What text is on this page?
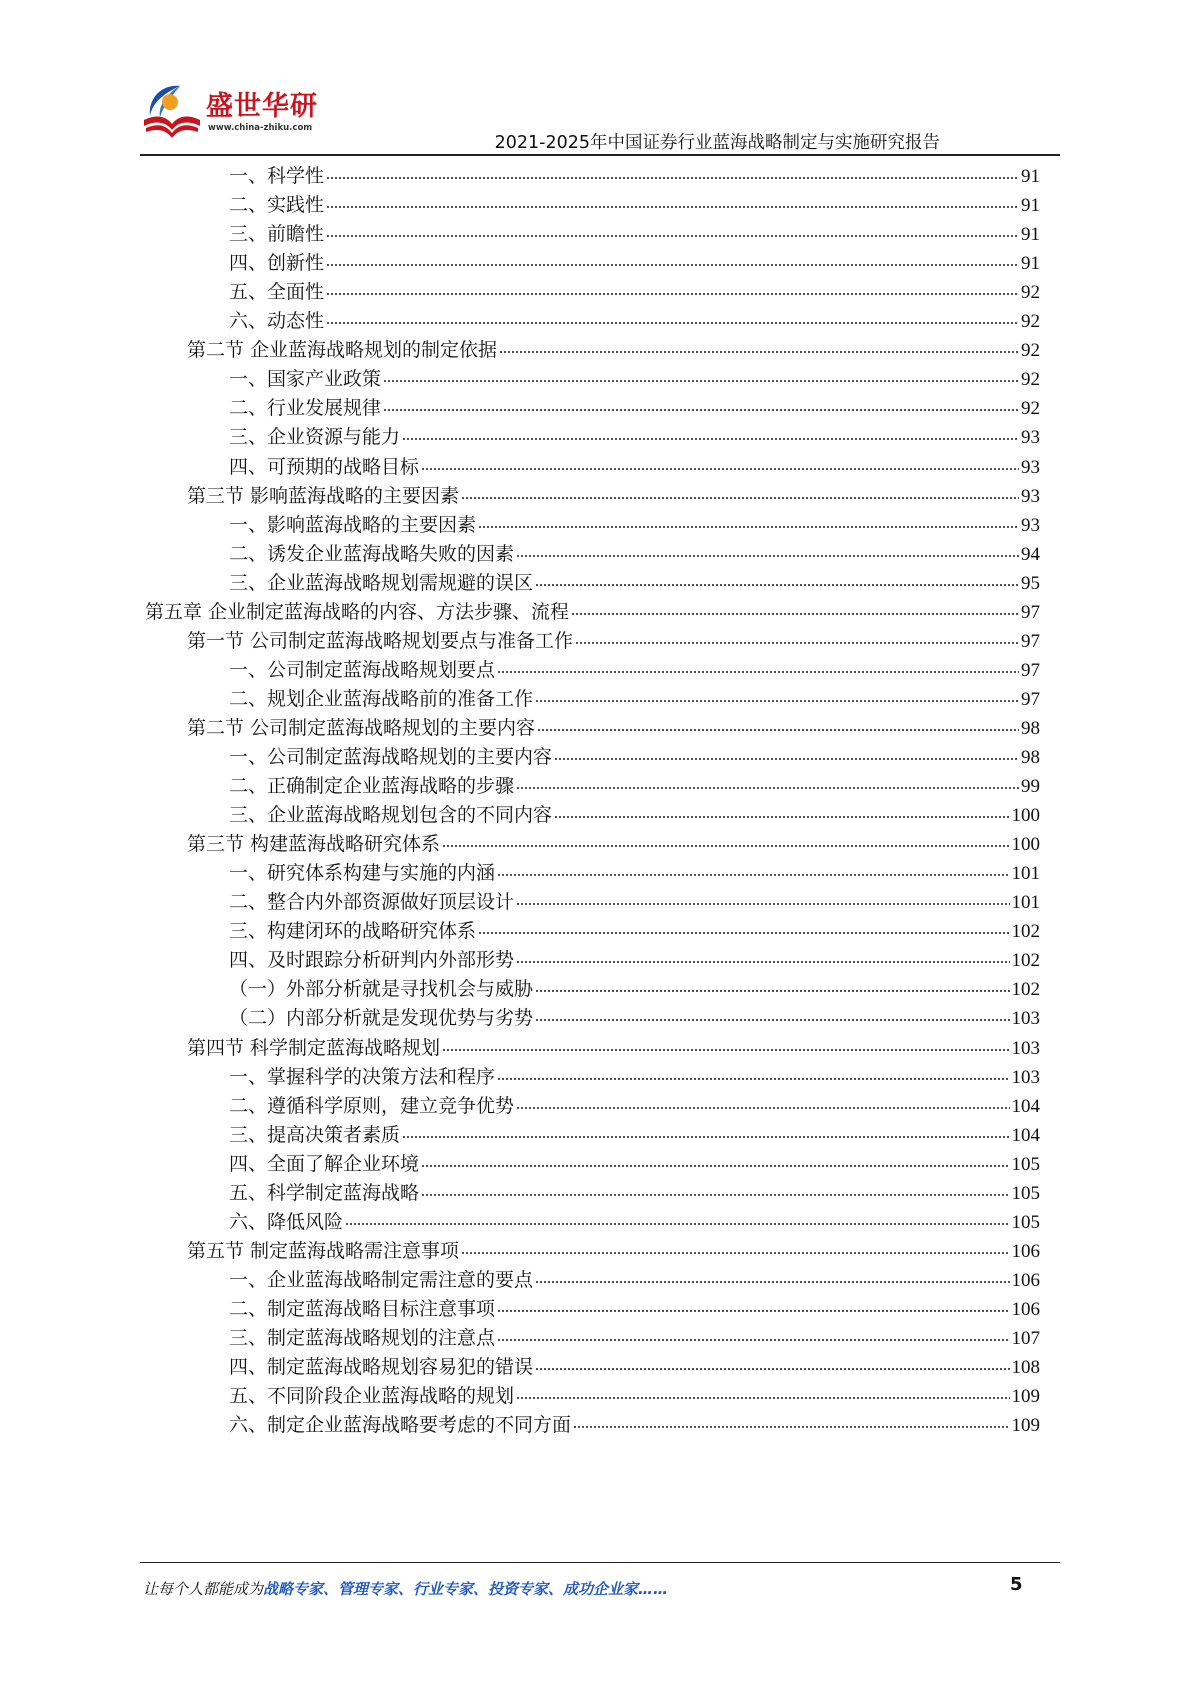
盛世华研
www.china-zhiku.com
2021-2025年中国证券行业蓝海战略制定与实施研究报告
一、科学性	91
二、实践性	91
三、前瞻性	91
四、创新性	91
五、全面性	92
六、动态性	92
第二节 企业蓝海战略规划的制定依据	92
一、国家产业政策	92
二、行业发展规律	92
三、企业资源与能力	93
四、可预期的战略目标	93
第三节 影响蓝海战略的主要因素	93
一、影响蓝海战略的主要因素	93
二、诱发企业蓝海战略失败的因素	94
三、企业蓝海战略规划需规避的误区	95
第五章 企业制定蓝海战略的内容、方法步骤、流程	97
第一节 公司制定蓝海战略规划要点与准备工作	97
一、公司制定蓝海战略规划要点	97
二、规划企业蓝海战略前的准备工作	97
第二节 公司制定蓝海战略规划的主要内容	98
一、公司制定蓝海战略规划的主要内容	98
二、正确制定企业蓝海战略的步骤	99
三、企业蓝海战略规划包含的不同内容	100
第三节 构建蓝海战略研究体系	100
一、研究体系构建与实施的内涵	101
二、整合内外部资源做好顶层设计	101
三、构建闭环的战略研究体系	102
四、及时跟踪分析研判内外部形势	102
（一）外部分析就是寻找机会与威胁	102
（二）内部分析就是发现优势与劣势	103
第四节 科学制定蓝海战略规划	103
一、掌握科学的决策方法和程序	103
二、遵循科学原则，建立竞争优势	104
三、提高决策者素质	104
四、全面了解企业环境	105
五、科学制定蓝海战略	105
六、降低风险	105
第五节 制定蓝海战略需注意事项	106
一、企业蓝海战略制定需注意的要点	106
二、制定蓝海战略目标注意事项	106
三、制定蓝海战略规划的注意点	107
四、制定蓝海战略规划容易犯的错误	108
五、不同阶段企业蓝海战略的规划	109
六、制定企业蓝海战略要考虑的不同方面	109
让每个人都能成为战略专家、管理专家、行业专家、投资专家、成功企业家……	5
